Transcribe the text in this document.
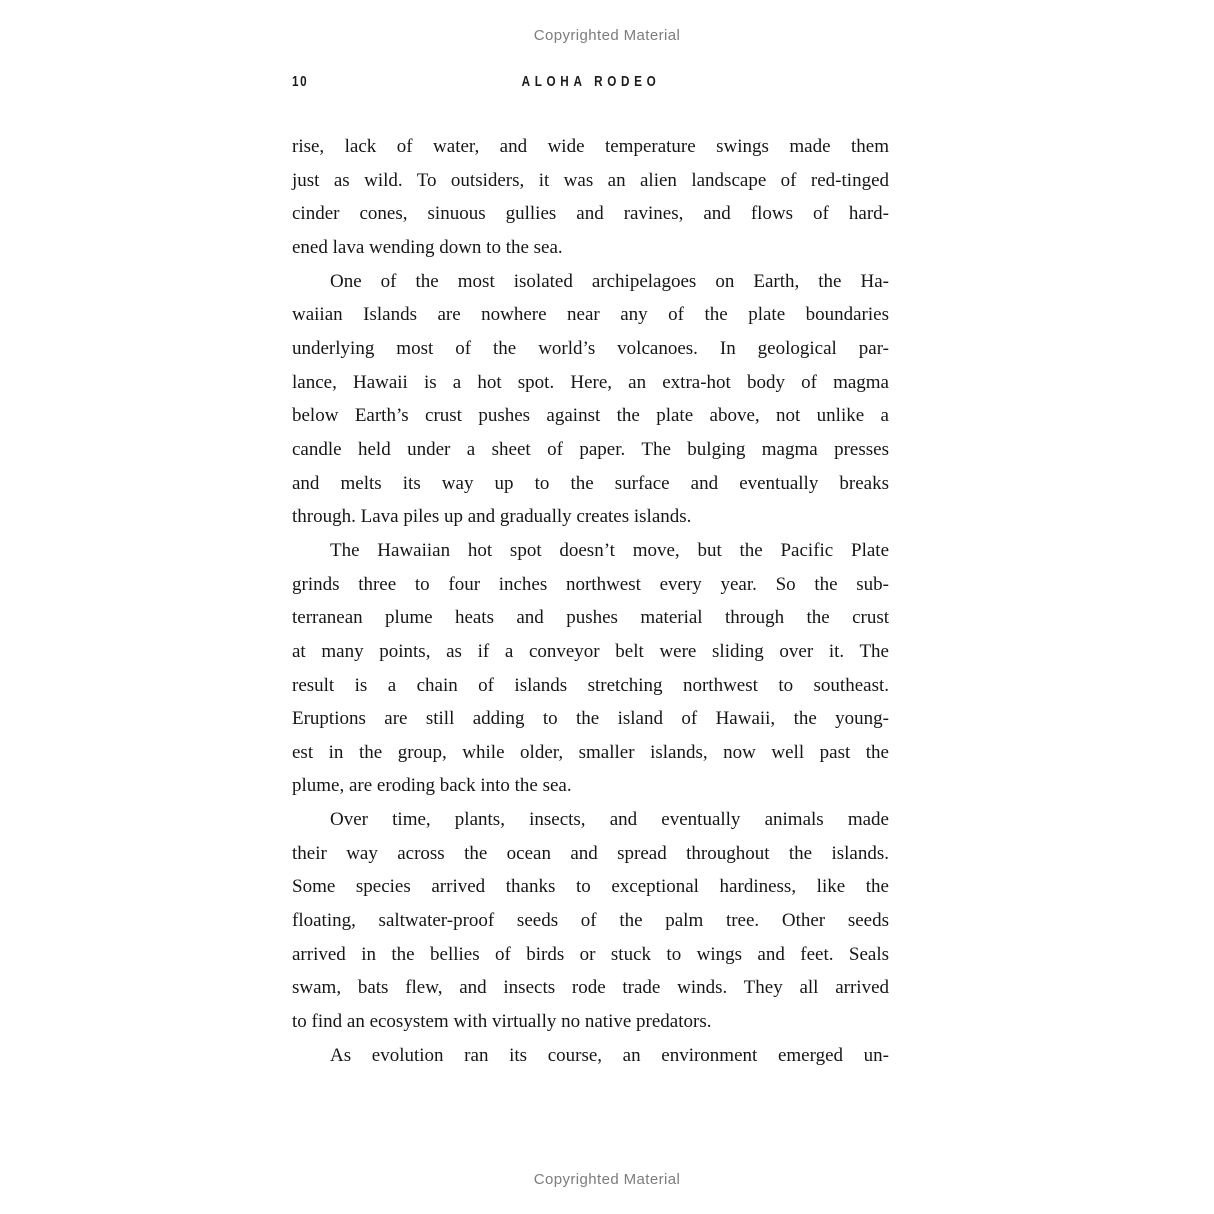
Copyrighted Material
10	ALOHA RODEO
rise, lack of water, and wide temperature swings made them
just as wild. To outsiders, it was an alien landscape of red-tinged
cinder cones, sinuous gullies and ravines, and flows of hard-
ened lava wending down to the sea.
One of the most isolated archipelagoes on Earth, the Ha-
waiian Islands are nowhere near any of the plate boundaries
underlying most of the world’s volcanoes. In geological par-
lance, Hawaii is a hot spot. Here, an extra-hot body of magma
below Earth’s crust pushes against the plate above, not unlike a
candle held under a sheet of paper. The bulging magma presses
and melts its way up to the surface and eventually breaks
through. Lava piles up and gradually creates islands.
The Hawaiian hot spot doesn’t move, but the Pacific Plate
grinds three to four inches northwest every year. So the sub-
terranean plume heats and pushes material through the crust
at many points, as if a conveyor belt were sliding over it. The
result is a chain of islands stretching northwest to southeast.
Eruptions are still adding to the island of Hawaii, the young-
est in the group, while older, smaller islands, now well past the
plume, are eroding back into the sea.
Over time, plants, insects, and eventually animals made
their way across the ocean and spread throughout the islands.
Some species arrived thanks to exceptional hardiness, like the
floating, saltwater-proof seeds of the palm tree. Other seeds
arrived in the bellies of birds or stuck to wings and feet. Seals
swam, bats flew, and insects rode trade winds. They all arrived
to find an ecosystem with virtually no native predators.
As evolution ran its course, an environment emerged un-
Copyrighted Material
